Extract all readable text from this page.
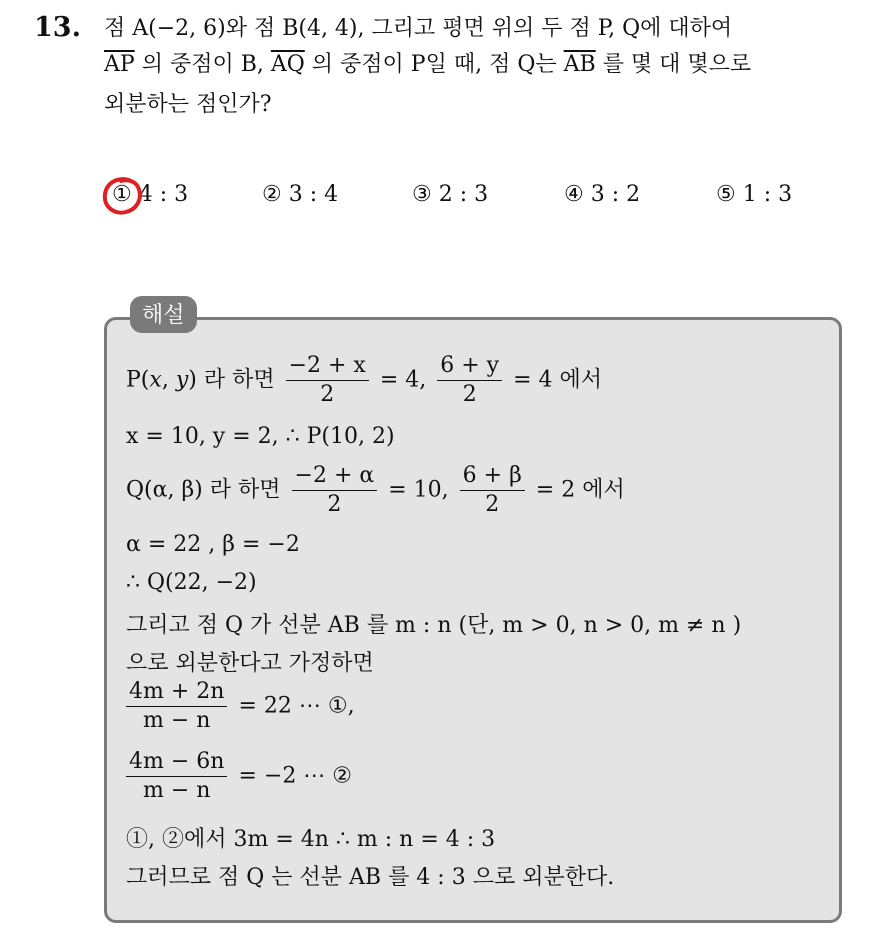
13. 점 A(−2, 6)와 점 B(4, 4), 그리고 평면 위의 두 점 P, Q에 대하여
$\overline{AP}$ 의 중점이 B, $\overline{AQ}$ 의 중점이 P일 때, 점 Q는 $\overline{AB}$ 를 몇 대 몇으로
외분하는 점인가?
① 4 : 3	② 3 : 4	③ 2 : 3	④ 3 : 2	⑤ 1 : 3
해설
P(x, y) 라 하면 $\frac{-2 + x}{2} = 4$, $\frac{6 + y}{2} = 4$ 에서
x = 10, y = 2, ∴ P(10, 2)
Q(α, β) 라 하면 $\frac{-2 + \alpha}{2} = 10$, $\frac{6 + \beta}{2} = 2$ 에서
α = 22 , β = −2
∴ Q(22, −2)
그리고 점 Q 가 선분 AB 를 m : n (단, m > 0, n > 0, m ≠ n )
으로 외분한다고 가정하면
$\frac{4m + 2n}{m - n} = 22$ ⋯ ①,
$\frac{4m - 6n}{m - n} = -2$ ⋯ ②
①, ②에서 3m = 4n ∴ m : n = 4 : 3
그러므로 점 Q 는 선분 AB 를 4 : 3 으로 외분한다.
